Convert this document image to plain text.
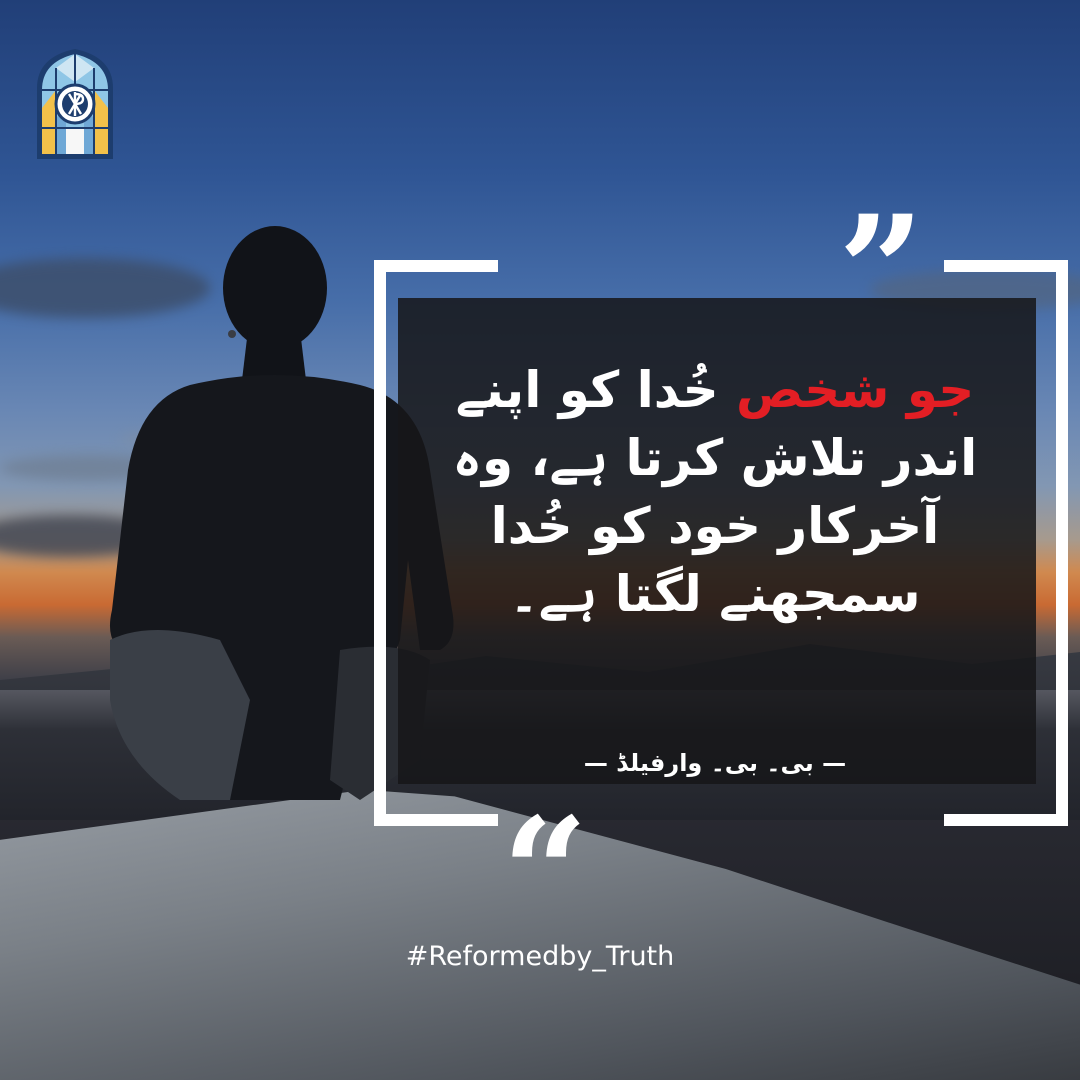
”
“
جو شخص خُدا کو اپنے
اندر تلاش کرتا ہے، وہ
آخرکار خود کو خُدا
سمجھنے لگتا ہے۔
— بی۔ بی۔ وارفیلڈ —
#Reformedby_Truth
